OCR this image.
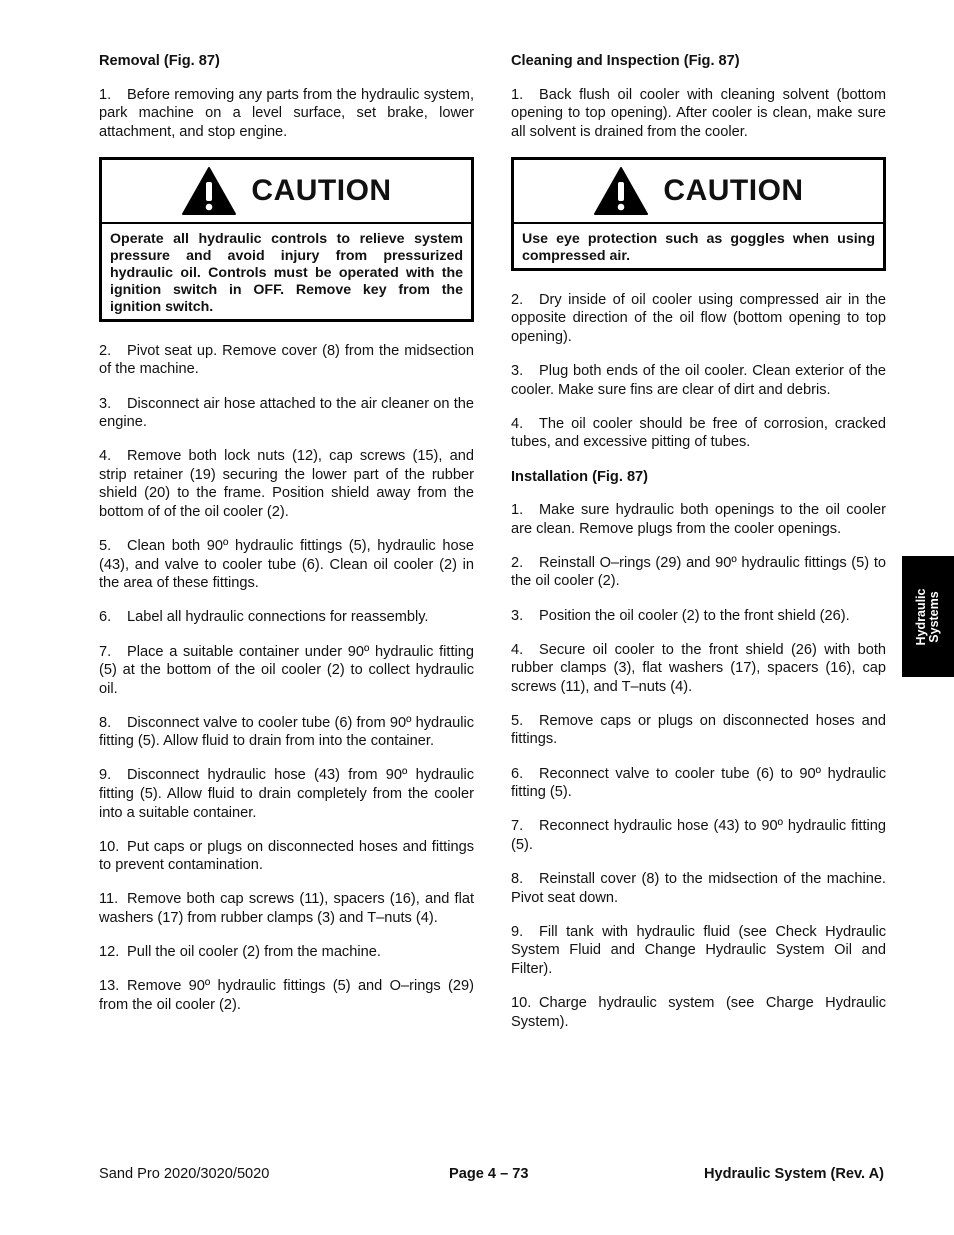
Removal (Fig. 87)
1. Before removing any parts from the hydraulic system, park machine on a level surface, set brake, lower attachment, and stop engine.
CAUTION
Operate all hydraulic controls to relieve system pressure and avoid injury from pressurized hydraulic oil. Controls must be operated with the ignition switch in OFF. Remove key from the ignition switch.
2. Pivot seat up. Remove cover (8) from the midsection of the machine.
3. Disconnect air hose attached to the air cleaner on the engine.
4. Remove both lock nuts (12), cap screws (15), and strip retainer (19) securing the lower part of the rubber shield (20) to the frame. Position shield away from the bottom of of the oil cooler (2).
5. Clean both 90º hydraulic fittings (5), hydraulic hose (43), and valve to cooler tube (6). Clean oil cooler (2) in the area of these fittings.
6. Label all hydraulic connections for reassembly.
7. Place a suitable container under 90º hydraulic fitting (5) at the bottom of the oil cooler (2) to collect hydraulic oil.
8. Disconnect valve to cooler tube (6) from 90º hydraulic fitting (5). Allow fluid to drain from into the container.
9. Disconnect hydraulic hose (43) from 90º hydraulic fitting (5). Allow fluid to drain completely from the cooler into a suitable container.
10. Put caps or plugs on disconnected hoses and fittings to prevent contamination.
11. Remove both cap screws (11), spacers (16), and flat washers (17) from rubber clamps (3) and T–nuts (4).
12. Pull the oil cooler (2) from the machine.
13. Remove 90º hydraulic fittings (5) and O–rings (29) from the oil cooler (2).
Cleaning and Inspection (Fig. 87)
1. Back flush oil cooler with cleaning solvent (bottom opening to top opening). After cooler is clean, make sure all solvent is drained from the cooler.
CAUTION
Use eye protection such as goggles when using compressed air.
2. Dry inside of oil cooler using compressed air in the opposite direction of the oil flow (bottom opening to top opening).
3. Plug both ends of the oil cooler. Clean exterior of the cooler. Make sure fins are clear of dirt and debris.
4. The oil cooler should be free of corrosion, cracked tubes, and excessive pitting of tubes.
Installation (Fig. 87)
1. Make sure hydraulic both openings to the oil cooler are clean. Remove plugs from the cooler openings.
2. Reinstall O–rings (29) and 90º hydraulic fittings (5) to the oil cooler (2).
3. Position the oil cooler (2) to the front shield (26).
4. Secure oil cooler to the front shield (26) with both rubber clamps (3), flat washers (17), spacers (16), cap screws (11), and T–nuts (4).
5. Remove caps or plugs on disconnected hoses and fittings.
6. Reconnect valve to cooler tube (6) to 90º hydraulic fitting (5).
7. Reconnect hydraulic hose (43) to 90º hydraulic fitting (5).
8. Reinstall cover (8) to the midsection of the machine. Pivot seat down.
9. Fill tank with hydraulic fluid (see Check Hydraulic System Fluid and Change Hydraulic System Oil and Filter).
10. Charge hydraulic system (see Charge Hydraulic System).
Hydraulic Systems
Sand Pro 2020/3020/5020	Page 4 – 73	Hydraulic System (Rev. A)
